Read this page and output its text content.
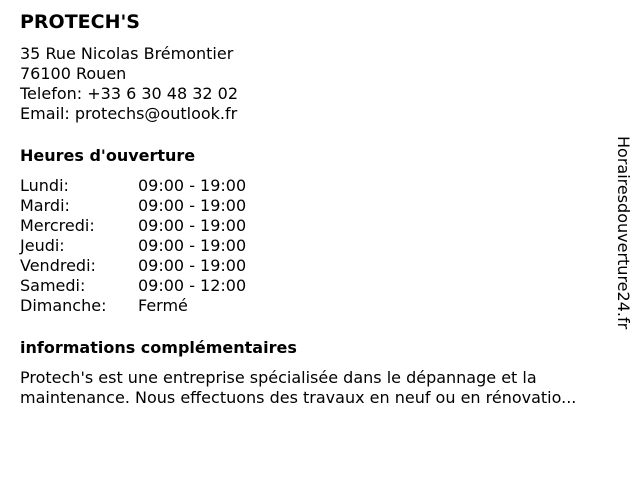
PROTECH'S
35 Rue Nicolas Brémontier
76100 Rouen
Telefon: +33 6 30 48 32 02
Email: protechs@outlook.fr
Heures d'ouverture
Lundi:	09:00 - 19:00
Mardi:	09:00 - 19:00
Mercredi:	09:00 - 19:00
Jeudi:	09:00 - 19:00
Vendredi:	09:00 - 19:00
Samedi:	09:00 - 12:00
Dimanche: Fermé
informations complémentaires
Protech's est une entreprise spécialisée dans le dépannage et la
maintenance. Nous effectuons des travaux en neuf ou en rénovatio...
Horairesdouverture24.fr
